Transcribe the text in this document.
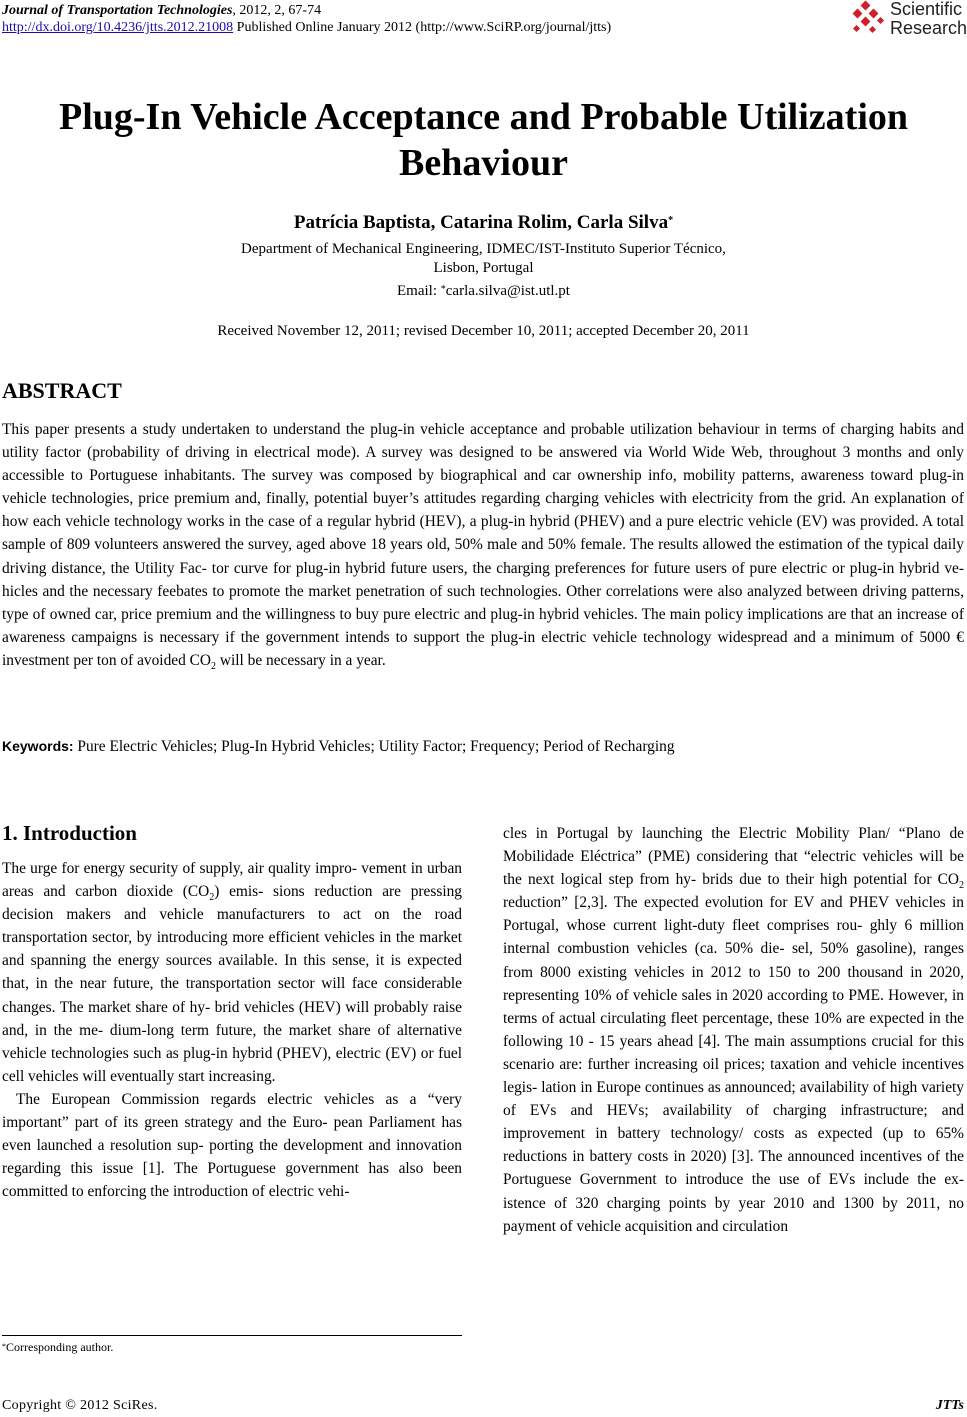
Journal of Transportation Technologies, 2012, 2, 67-74
http://dx.doi.org/10.4236/jtts.2012.21008 Published Online January 2012 (http://www.SciRP.org/journal/jtts)
Scientific
Research
Plug-In Vehicle Acceptance and Probable Utilization Behaviour
Patrícia Baptista, Catarina Rolim, Carla Silva*
Department of Mechanical Engineering, IDMEC/IST-Instituto Superior Técnico,
Lisbon, Portugal
Email: *carla.silva@ist.utl.pt
Received November 12, 2011; revised December 10, 2011; accepted December 20, 2011
ABSTRACT
This paper presents a study undertaken to understand the plug-in vehicle acceptance and probable utilization behaviour in terms of charging habits and utility factor (probability of driving in electrical mode). A survey was designed to be answered via World Wide Web, throughout 3 months and only accessible to Portuguese inhabitants. The survey was composed by biographical and car ownership info, mobility patterns, awareness toward plug-in vehicle technologies, price premium and, finally, potential buyer’s attitudes regarding charging vehicles with electricity from the grid. An explanation of how each vehicle technology works in the case of a regular hybrid (HEV), a plug-in hybrid (PHEV) and a pure electric vehicle (EV) was provided. A total sample of 809 volunteers answered the survey, aged above 18 years old, 50% male and 50% female. The results allowed the estimation of the typical daily driving distance, the Utility Fac- tor curve for plug-in hybrid future users, the charging preferences for future users of pure electric or plug-in hybrid ve- hicles and the necessary feebates to promote the market penetration of such technologies. Other correlations were also analyzed between driving patterns, type of owned car, price premium and the willingness to buy pure electric and plug-in hybrid vehicles. The main policy implications are that an increase of awareness campaigns is necessary if the government intends to support the plug-in electric vehicle technology widespread and a minimum of 5000 € investment per ton of avoided $CO_2$ will be necessary in a year.
Keywords: Pure Electric Vehicles; Plug-In Hybrid Vehicles; Utility Factor; Frequency; Period of Recharging
1. Introduction

The urge for energy security of supply, air quality impro- vement in urban areas and carbon dioxide $(CO_2)$ emis- sions reduction are pressing decision makers and vehicle manufacturers to act on the road transportation sector, by introducing more efficient vehicles in the market and spanning the energy sources available. In this sense, it is expected that, in the near future, the transportation sector will face considerable changes. The market share of hy- brid vehicles (HEV) will probably raise and, in the me- dium-long term future, the market share of alternative vehicle technologies such as plug-in hybrid (PHEV), electric (EV) or fuel cell vehicles will eventually start increasing.

The European Commission regards electric vehicles as a “very important” part of its green strategy and the Euro- pean Parliament has even launched a resolution sup- porting the development and innovation regarding this issue [1]. The Portuguese government has also been committed to enforcing the introduction of electric vehi-

cles in Portugal by launching the Electric Mobility Plan/ “Plano de Mobilidade Eléctrica” (PME) considering that “electric vehicles will be the next logical step from hy- brids due to their high potential for $CO_2$ reduction” [2,3]. The expected evolution for EV and PHEV vehicles in Portugal, whose current light-duty fleet comprises rou- ghly 6 million internal combustion vehicles (ca. 50% die- sel, 50% gasoline), ranges from 8000 existing vehicles in 2012 to 150 to 200 thousand in 2020, representing 10% of vehicle sales in 2020 according to PME. However, in terms of actual circulating fleet percentage, these 10% are expected in the following 10 - 15 years ahead [4]. The main assumptions crucial for this scenario are: further increasing oil prices; taxation and vehicle incentives legis- lation in Europe continues as announced; availability of high variety of EVs and HEVs; availability of charging infrastructure; and improvement in battery technology/ costs as expected (up to 65% reductions in battery costs in 2020) [3]. The announced incentives of the Portuguese Government to introduce the use of EVs include the ex- istence of 320 charging points by year 2010 and 1300 by 2011, no payment of vehicle acquisition and circulation
*Corresponding author.
Copyright © 2012 SciRes.	JTTs
